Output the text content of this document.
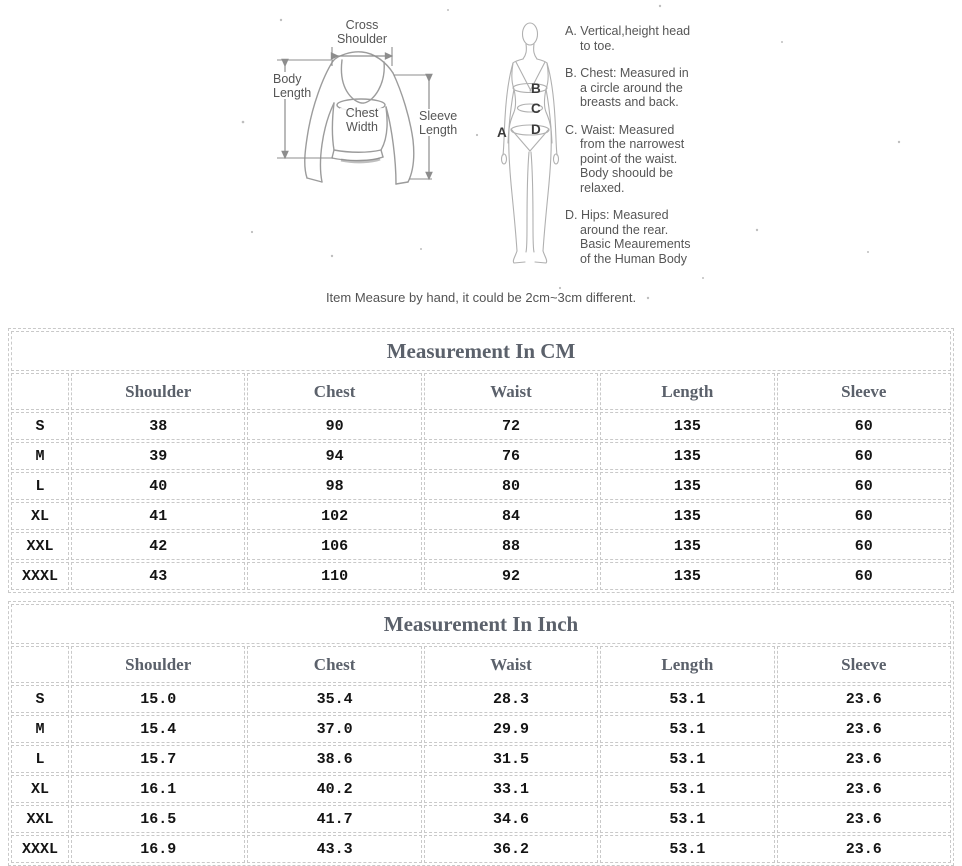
Cross
Shoulder
Body
Length
Chest
Width
Sleeve
Length	A
B
C
D

A. Vertical,height head to toe.

B. Chest: Measured in a circle around the breasts and back.

C. Waist: Measured from the narrowest point of the waist. Body shoould be relaxed.

D. Hips: Measured around the rear. Basic Meaurements of the Human Body

Item Measure by hand, it could be 2cm~3cm different.
Measurement In CM					
	Shoulder	Chest	Waist	Length	Sleeve
S	38	90	72	135	60
M	39	94	76	135	60
L	40	98	80	135	60
XL	41	102	84	135	60
XXL	42	106	88	135	60
XXXL	43	110	92	135	60
Measurement In Inch					
	Shoulder	Chest	Waist	Length	Sleeve
S	15.0	35.4	28.3	53.1	23.6
M	15.4	37.0	29.9	53.1	23.6
L	15.7	38.6	31.5	53.1	23.6
XL	16.1	40.2	33.1	53.1	23.6
XXL	16.5	41.7	34.6	53.1	23.6
XXXL	16.9	43.3	36.2	53.1	23.6
